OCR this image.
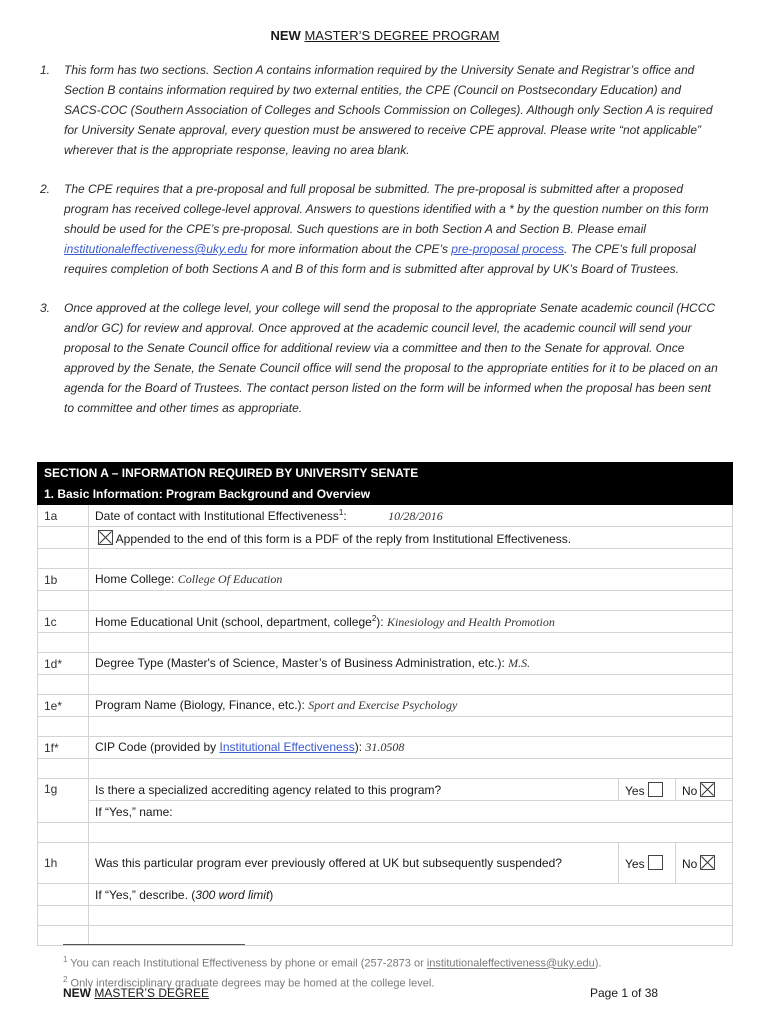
NEW MASTER’S DEGREE PROGRAM
1. This form has two sections. Section A contains information required by the University Senate and Registrar’s office and Section B contains information required by two external entities, the CPE (Council on Postsecondary Education) and SACS-COC (Southern Association of Colleges and Schools Commission on Colleges). Although only Section A is required for University Senate approval, every question must be answered to receive CPE approval. Please write “not applicable” wherever that is the appropriate response, leaving no area blank.
2. The CPE requires that a pre-proposal and full proposal be submitted. The pre-proposal is submitted after a proposed program has received college-level approval. Answers to questions identified with a * by the question number on this form should be used for the CPE’s pre-proposal. Such questions are in both Section A and Section B. Please email institutionaleffectiveness@uky.edu for more information about the CPE’s pre-proposal process. The CPE’s full proposal requires completion of both Sections A and B of this form and is submitted after approval by UK’s Board of Trustees.
3. Once approved at the college level, your college will send the proposal to the appropriate Senate academic council (HCCC and/or GC) for review and approval. Once approved at the academic council level, the academic council will send your proposal to the Senate Council office for additional review via a committee and then to the Senate for approval. Once approved by the Senate, the Senate Council office will send the proposal to the appropriate entities for it to be placed on an agenda for the Board of Trustees. The contact person listed on the form will be informed when the proposal has been sent to committee and other times as appropriate.
SECTION A – INFORMATION REQUIRED BY UNIVERSITY SENATE			
1. Basic Information: Program Background and Overview			
1a	Date of contact with Institutional Effectiveness$^1$: 10/28/2016		
	Appended to the end of this form is a PDF of the reply from Institutional Effectiveness.		

1b	Home College: College Of Education		

1c	Home Educational Unit (school, department, college$^2$): Kinesiology and Health Promotion		

1d*	Degree Type (Master's of Science, Master’s of Business Administration, etc.): M.S.		

1e*	Program Name (Biology, Finance, etc.): Sport and Exercise Psychology		

1f*	CIP Code (provided by Institutional Effectiveness): 31.0508		

1g	Is there a specialized accrediting agency related to this program?	Yes	No
	If “Yes,” name:		

1h	Was this particular program ever previously offered at UK but subsequently suspended?	Yes	No
	If “Yes,” describe. (300 word limit)		

$^1$ You can reach Institutional Effectiveness by phone or email (257-2873 or institutionaleffectiveness@uky.edu).
$^2$ Only interdisciplinary graduate degrees may be homed at the college level.
NEW MASTER’S DEGREE	Page 1 of 38
